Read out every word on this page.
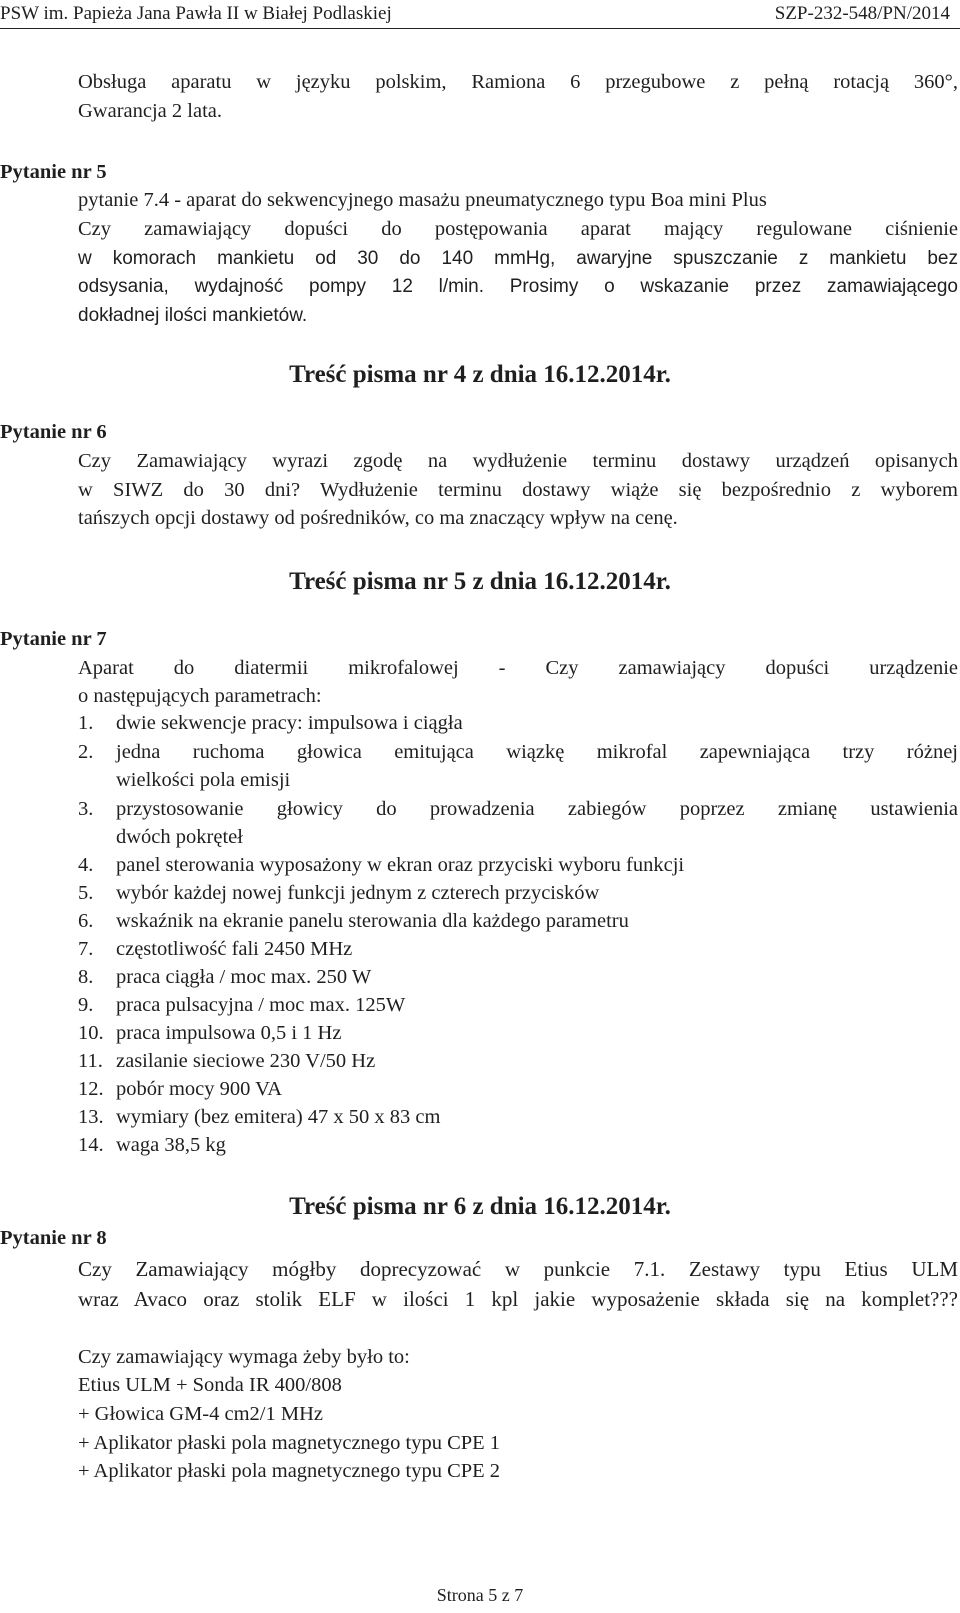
PSW im. Papieża Jana Pawła II w Białej Podlaskiej	SZP-232-548/PN/2014
Obsługa aparatu w języku polskim, Ramiona 6 przegubowe z pełną rotacją 360°,
Gwarancja 2 lata.
Pytanie nr 5
pytanie 7.4 - aparat do sekwencyjnego masażu pneumatycznego typu Boa mini Plus
Czy zamawiający dopuści do postępowania aparat mający regulowane ciśnienie
w komorach mankietu od 30 do 140 mmHg, awaryjne spuszczanie z mankietu bez
odsysania, wydajność pompy 12 l/min. Prosimy o wskazanie przez zamawiającego
dokładnej ilości mankietów.
Treść pisma nr 4 z dnia 16.12.2014r.
Pytanie nr 6
Czy Zamawiający wyrazi zgodę na wydłużenie terminu dostawy urządzeń opisanych
w SIWZ do 30 dni? Wydłużenie terminu dostawy wiąże się bezpośrednio z wyborem
tańszych opcji dostawy od pośredników, co ma znaczący wpływ na cenę.
Treść pisma nr 5 z dnia 16.12.2014r.
Pytanie nr 7
Aparat do diatermii mikrofalowej - Czy zamawiający dopuści urządzenie
o następujących parametrach:
1. dwie sekwencje pracy: impulsowa i ciągła
2. jedna ruchoma głowica emitująca wiązkę mikrofal zapewniająca trzy różnej
wielkości pola emisji
3. przystosowanie głowicy do prowadzenia zabiegów poprzez zmianę ustawienia
dwóch pokręteł
4. panel sterowania wyposażony w ekran oraz przyciski wyboru funkcji
5. wybór każdej nowej funkcji jednym z czterech przycisków
6. wskaźnik na ekranie panelu sterowania dla każdego parametru
7. częstotliwość fali 2450 MHz
8. praca ciągła / moc max. 250 W
9. praca pulsacyjna / moc max. 125W
10. praca impulsowa 0,5 i 1 Hz
11. zasilanie sieciowe 230 V/50 Hz
12. pobór mocy 900 VA
13. wymiary (bez emitera) 47 x 50 x 83 cm
14. waga 38,5 kg
Treść pisma nr 6 z dnia 16.12.2014r.
Pytanie nr 8
Czy Zamawiający mógłby doprecyzować w punkcie 7.1. Zestawy typu Etius ULM
wraz Avaco oraz stolik ELF w ilości 1 kpl jakie wyposażenie składa się na komplet???
Czy zamawiający wymaga żeby było to:
Etius ULM + Sonda IR 400/808
+ Głowica GM-4 cm2/1 MHz
+ Aplikator płaski pola magnetycznego typu CPE 1
+ Aplikator płaski pola magnetycznego typu CPE 2
Strona 5 z 7
